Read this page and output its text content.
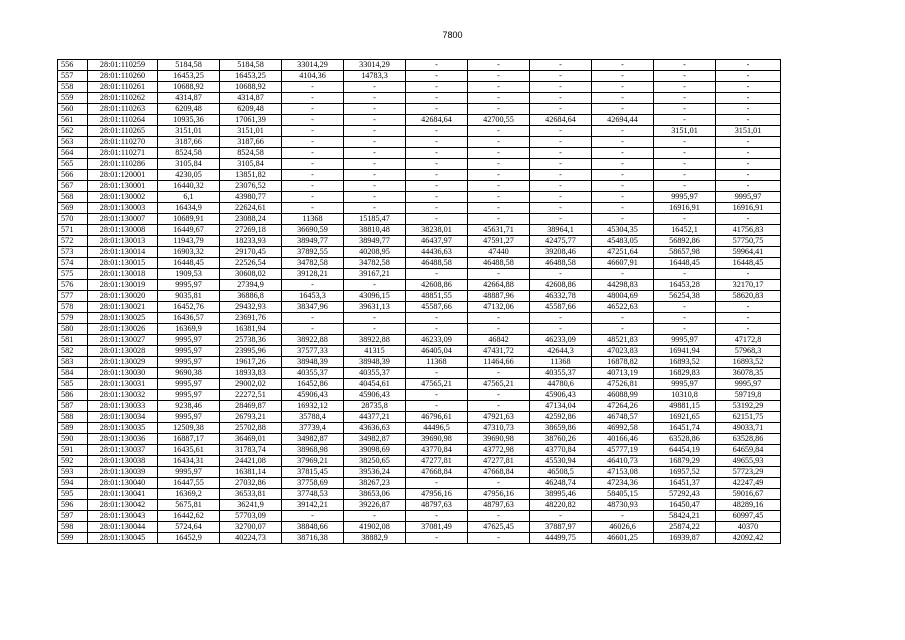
7800
556	28:01:110259	5184,58	5184,58	33014,29	33014,29	-	-	-	-	-	-
557	28:01:110260	16453,25	16453,25	4104,36	14783,3	-	-	-	-	-	-
558	28:01:110261	10688,92	10688,92	-	-	-	-	-	-	-	-
559	28:01:110262	4314,87	4314,87	-	-	-	-	-	-	-	-
560	28:01:110263	6209,48	6209,48	-	-	-	-	-	-	-	-
561	28:01:110264	10935,36	17061,39	-	-	42684,64	42700,55	42684,64	42694,44	-	-
562	28:01:110265	3151,01	3151,01	-	-	-	-	-	-	3151,01	3151,01
563	28:01:110270	3187,66	3187,66	-	-	-	-	-	-	-	-
564	28:01:110271	8524,58	8524,58	-	-	-	-	-	-	-	-
565	28:01:110286	3105,84	3105,84	-	-	-	-	-	-	-	-
566	28:01:120001	4230,05	13851,82	-	-	-	-	-	-	-	-
567	28:01:130001	16440,32	23076,52	-	-	-	-	-	-	-	-
568	28:01:130002	6,1	43980,77	-	-	-	-	-	-	9995,97	9995,97
569	28:01:130003	16434,9	22624,61	-	-	-	-	-	-	16916,91	16916,91
570	28:01:130007	10689,91	23088,24	11368	15185,47	-	-	-	-	-	-
571	28:01:130008	16449,67	27269,18	36690,59	38810,48	38238,01	45631,71	38964,1	45304,35	16452,1	41756,83
572	28:01:130013	11943,79	18233,93	38949,77	38949,77	46437,97	47591,27	42475,77	45483,05	56892,86	57750,75
573	28:01:130014	16903,32	29170,45	37892,55	40208,95	44436,63	47440	39208,46	47251,64	58657,98	59964,41
574	28:01:130015	16448,45	22526,54	34782,58	34782,58	46488,58	46488,58	46488,58	46607,91	16448,45	16448,45
575	28:01:130018	1909,53	30608,02	39128,21	39167,21	-	-	-	-	-	-
576	28:01:130019	9995,97	27394,9	-	-	42608,86	42664,88	42608,86	44298,83	16453,28	32170,17
577	28:01:130020	9035,81	36886,8	16453,3	43096,15	48851,55	48887,96	46332,78	48004,69	56254,38	58620,83
578	28:01:130021	16452,76	29432,93	38347,96	39631,13	45587,66	47132,06	45587,66	46522,63	-	-
579	28:01:130025	16436,57	23691,76	-	-	-	-	-	-	-	-
580	28:01:130026	16369,9	16381,94	-	-	-	-	-	-	-	-
581	28:01:130027	9995,97	25738,36	38922,88	38922,88	46233,09	46842	46233,09	48521,83	9995,97	47172,8
582	28:01:130028	9995,97	23995,96	37577,33	41315	46405,04	47431,72	42644,3	47023,83	16941,94	57968,3
583	28:01:130029	9995,97	19617,26	38948,39	38948,39	11368	11464,66	11368	16878,82	16893,52	16893,52
584	28:01:130030	9690,38	18933,83	40355,37	40355,37	-	-	40355,37	40713,19	16829,83	36078,35
585	28:01:130031	9995,97	29002,02	16452,86	40454,61	47565,21	47565,21	44780,6	47526,81	9995,97	9995,97
586	28:01:130032	9995,97	22272,51	45906,43	45906,43	-	-	45906,43	46088,99	10310,8	59719,8
587	28:01:130033	9238,46	28469,87	16932,12	28735,8	-	-	47134,04	47264,26	49881,15	53192,29
588	28:01:130034	9995,97	26793,21	35788,4	44377,21	46796,61	47921,63	42592,86	46748,57	16921,65	62151,75
589	28:01:130035	12509,38	25702,88	37739,4	43636,63	44496,5	47310,73	38659,86	46992,58	16451,74	49033,71
590	28:01:130036	16887,17	36469,01	34982,87	34982,87	39690,98	39690,98	38760,26	40166,46	63528,86	63528,86
591	28:01:130037	16435,61	31783,74	38968,98	39098,69	43770,84	43772,98	43770,84	45777,19	64454,19	64659,84
592	28:01:130038	16434,31	24421,08	37969,21	38250,65	47277,81	47277,81	45530,94	46410,73	16879,29	49655,93
593	28:01:130039	9995,97	16381,14	37815,45	39536,24	47668,84	47668,84	46508,5	47153,08	16957,52	57723,29
594	28:01:130040	16447,55	27032,86	37758,69	38267,23	-	-	46248,74	47234,36	16451,37	42247,49
595	28:01:130041	16369,2	36533,81	37748,53	38653,06	47956,16	47956,16	38995,46	58405,15	57292,43	59016,67
596	28:01:130042	5675,81	36241,9	39142,21	39226,87	48797,63	48797,63	48220,82	48730,93	16450,47	48289,16
597	28:01:130043	16442,62	57703,09	-	-	-	-	-	-	58424,21	60997,45
598	28:01:130044	5724,64	32700,07	38848,66	41902,08	37081,49	47625,45	37887,97	46026,6	25874,22	40370
599	28:01:130045	16452,9	40224,73	38716,38	38882,9	-	-	44499,75	46601,25	16939,87	42092,42
